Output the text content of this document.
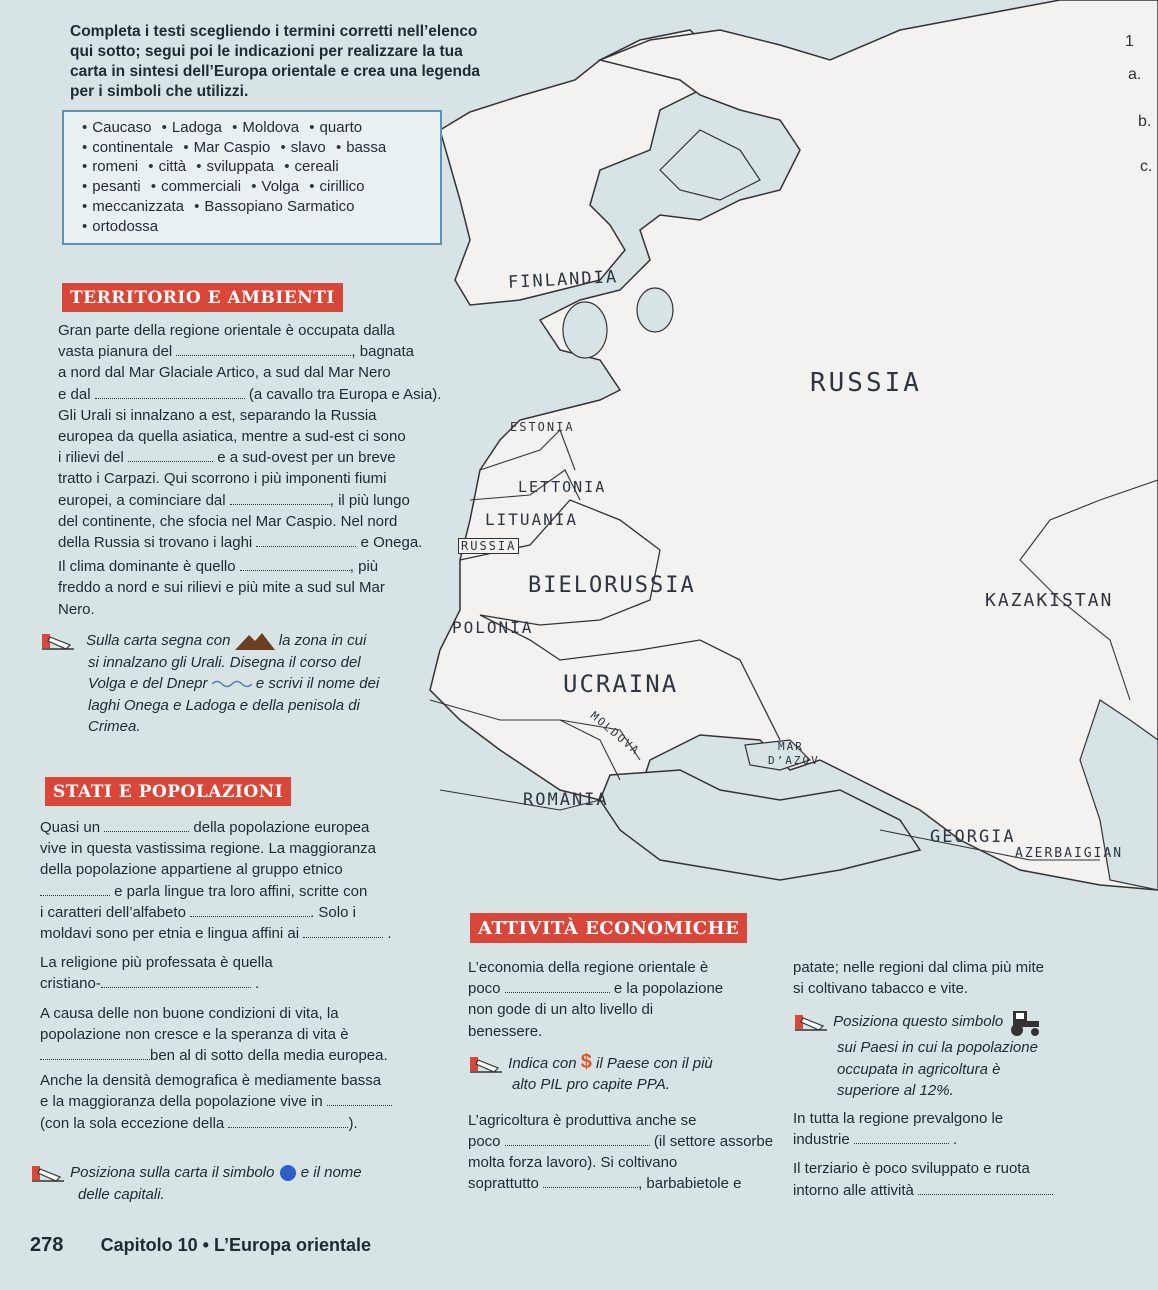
Completa i testi scegliendo i termini corretti nell’elenco qui sotto; segui poi le indicazioni per realizzare la tua carta in sintesi dell’Europa orientale e crea una legenda per i simboli che utilizzi.
• Caucaso • Ladoga • Moldova • quarto
• continentale • Mar Caspio • slavo • bassa
• romeni • città • sviluppata • cereali
• pesanti • commerciali • Volga • cirillico
• meccanizzata • Bassopiano Sarmatico
• ortodossa
TERRITORIO E AMBIENTI
Gran parte della regione orientale è occupata dalla
vasta pianura del	, bagnata
a nord dal Mar Glaciale Artico, a sud dal Mar Nero
e dal	(a cavallo tra Europa e Asia).
Gli Urali si innalzano a est, separando la Russia
europea da quella asiatica, mentre a sud-est ci sono
i rilievi del	e a sud-ovest per un breve
tratto i Carpazi. Qui scorrono i più imponenti fiumi
europei, a cominciare dal	, il più lungo
del continente, che sfocia nel Mar Caspio. Nel nord
della Russia si trovano i laghi	e Onega.
Il clima dominante è quello	, più
freddo a nord e sui rilievi e più mite a sud sul Mar
Nero.
Sulla carta segna con	la zona in cui
si innalzano gli Urali. Disegna il corso del
Volga e del Dnepr	e scrivi il nome dei
laghi Onega e Ladoga e della penisola di
Crimea.
STATI E POPOLAZIONI
Quasi un	della popolazione europea
vive in questa vastissima regione. La maggioranza
della popolazione appartiene al gruppo etnico
e parla lingue tra loro affini, scritte con
i caratteri dell’alfabeto	. Solo i
moldavi sono per etnia e lingua affini ai	.
La religione più professata è quella
cristiano-	.
A causa delle non buone condizioni di vita, la
popolazione non cresce e la speranza di vita è
ben al di sotto della media europea.
Anche la densità demografica è mediamente bassa
e la maggioranza della popolazione vive in
(con la sola eccezione della	).
Posiziona sulla carta il simbolo e il nome
delle capitali.
ATTIVITÀ ECONOMICHE
L’economia della regione orientale è
poco	e la popolazione
non gode di un alto livello di
benessere.
Indica con $ il Paese con il più
alto PIL pro capite PPA.
L’agricoltura è produttiva anche se
poco	(il settore assorbe
molta forza lavoro). Si coltivano
soprattutto	, barbabietole e
patate; nelle regioni dal clima più mite
si coltivano tabacco e vite.
Posiziona questo simbolo
sui Paesi in cui la popolazione
occupata in agricoltura è
superiore al 12%.
In tutta la regione prevalgono le
industrie	.
Il terziario è poco sviluppato e ruota
intorno alle attività
FINLANDIA
RUSSIA
ESTONIA
LETTONIA
LITUANIA
RUSSIA
BIELORUSSIA
POLONIA
KAZAKISTAN
UCRAINA
MOLDOVA	MAR
D’AZOV
ROMANIA
GEORGIA
AZERBAIGIAN
1
a.
b.
c.
278 Capitolo 10 • L’Europa orientale
